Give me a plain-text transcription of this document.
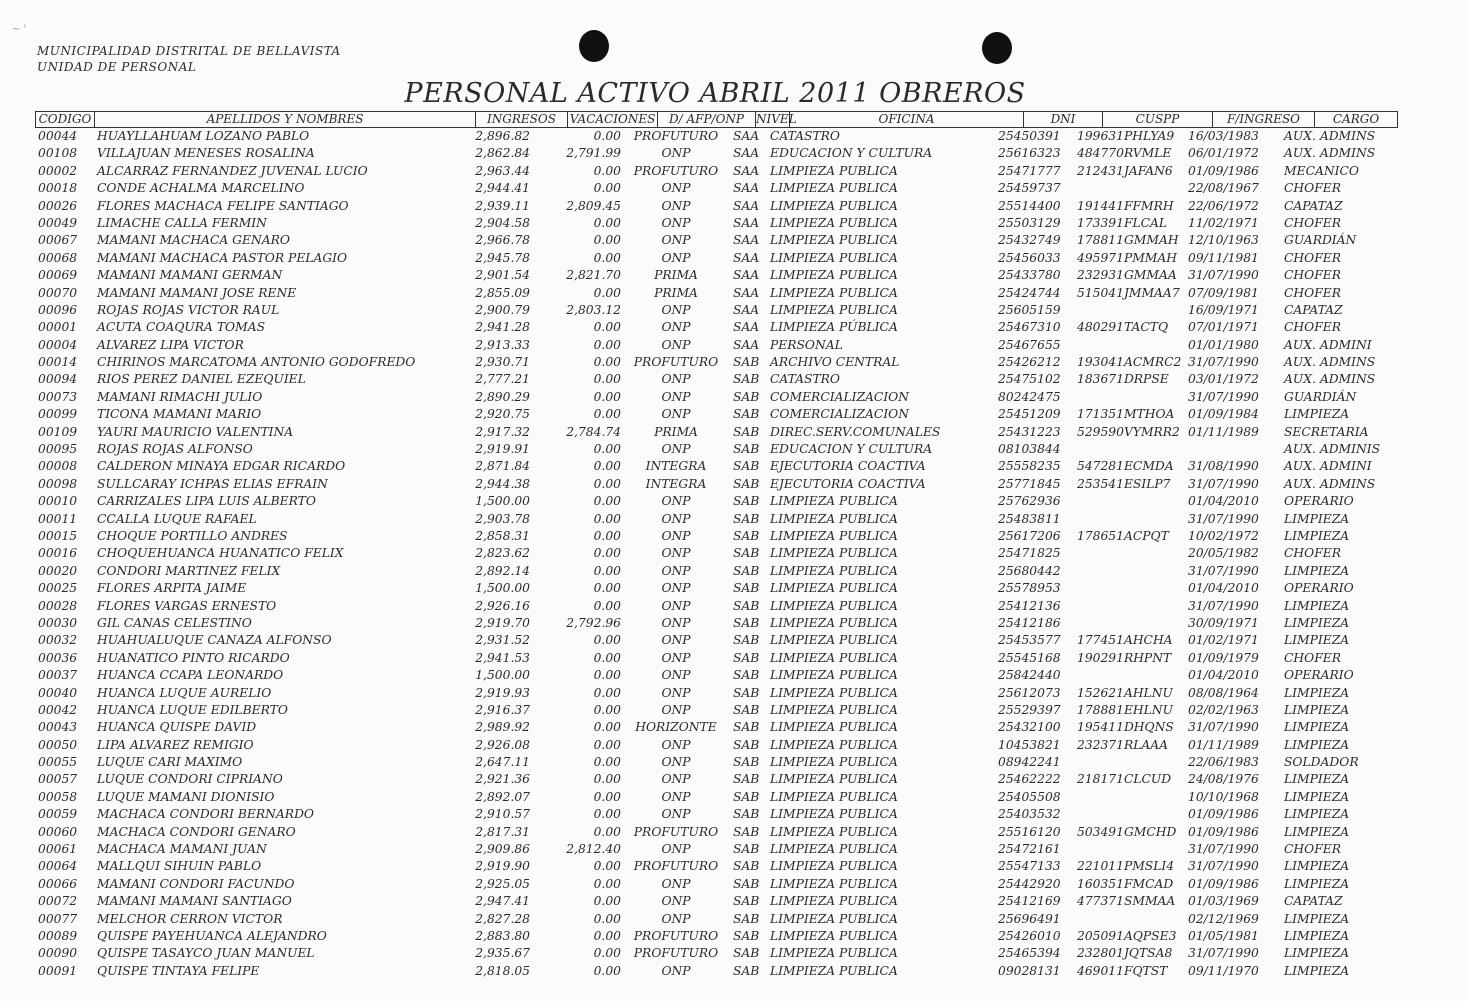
~ '
MUNICIPALIDAD DISTRITAL DE BELLAVISTA
UNIDAD DE PERSONAL
PERSONAL ACTIVO ABRIL 2011 OBREROS
CODIGO	APELLIDOS Y NOMBRES	INGRESOS	VACACIONES	D/ AFP/ONP	NIVEL	OFICINA	DNI	CUSPP	F/INGRESO	CARGO
00044 HUAYLLAHUAM LOZANO PABLO	2,896.82	0.00	PROFUTURO	SAA CATASTRO	25450391 199631PHLYA9	16/03/1983 AUX. ADMINS
00108 VILLAJUAN MENESES ROSALINA	2,862.84	2,791.99	ONP	SAA EDUCACION Y CULTURA	25616323 484770RVMLE	06/01/1972 AUX. ADMINS
00002 ALCARRAZ FERNANDEZ JUVENAL LUCIO	2,963.44	0.00	PROFUTURO	SAA LIMPIEZA PUBLICA	25471777 212431JAFAN6	01/09/1986 MECANICO
00018 CONDE ACHALMA MARCELINO	2,944.41	0.00	ONP	SAA LIMPIEZA PUBLICA	25459737	22/08/1967 CHOFER
00026 FLORES MACHACA FELIPE SANTIAGO	2,939.11	2,809.45	ONP	SAA LIMPIEZA PUBLICA	25514400 191441FFMRH	22/06/1972 CAPATAZ
00049 LIMACHE CALLA FERMIN	2,904.58	0.00	ONP	SAA LIMPIEZA PUBLICA	25503129 173391FLCAL	11/02/1971 CHOFER
00067 MAMANI MACHACA GENARO	2,966.78	0.00	ONP	SAA LIMPIEZA PUBLICA	25432749 178811GMMAH 12/10/1963 GUARDIÁN
00068 MAMANI MACHACA PASTOR PELAGIO	2,945.78	0.00	ONP	SAA LIMPIEZA PUBLICA	25456033 495971PMMAH 09/11/1981 CHOFER
00069 MAMANI MAMANI GERMAN	2,901.54	2,821.70	PRIMA	SAA LIMPIEZA PUBLICA	25433780 232931GMMAA 31/07/1990 CHOFER
00070 MAMANI MAMANI JOSE RENE	2,855.09	0.00	PRIMA	SAA LIMPIEZA PUBLICA	25424744 515041JMMAA7 07/09/1981 CHOFER
00096 ROJAS ROJAS VICTOR RAUL	2,900.79	2,803.12	ONP	SAA LIMPIEZA PUBLICA	25605159	16/09/1971 CAPATAZ
00001 ACUTA COAQURA TOMAS	2,941.28	0.00	ONP	SAA LIMPIEZA PÚBLICA	25467310 480291TACTQ	07/01/1971 CHOFER
00004 ALVAREZ LIPA VICTOR	2,913.33	0.00	ONP	SAA PERSONAL	25467655	01/01/1980 AUX. ADMINI
00014 CHIRINOS MARCATOMA ANTONIO GODOFREDO	2,930.71	0.00	PROFUTURO	SAB ARCHIVO CENTRAL	25426212 193041ACMRC2 31/07/1990 AUX. ADMINS
00094 RIOS PEREZ DANIEL EZEQUIEL	2,777.21	0.00	ONP	SAB CATASTRO	25475102 183671DRPSE	03/01/1972 AUX. ADMINS
00073 MAMANI RIMACHI JULIO	2,890.29	0.00	ONP	SAB COMERCIALIZACION	80242475	31/07/1990 GUARDIÁN
00099 TICONA MAMANI MARIO	2,920.75	0.00	ONP	SAB COMERCIALIZACION	25451209 171351MTHOA	01/09/1984 LIMPIEZA
00109 YAURI MAURICIO VALENTINA	2,917.32	2,784.74	PRIMA	SAB DIREC.SERV.COMUNALES	25431223 529590VYMRR2 01/11/1989 SECRETARIA
00095 ROJAS ROJAS ALFONSO	2,919.91	0.00	ONP	SAB EDUCACION Y CULTURA	08103844	AUX. ADMINIS
00008 CALDERON MINAYA EDGAR RICARDO	2,871.84	0.00	INTEGRA	SAB EJECUTORIA COACTIVA	25558235 547281ECMDA	31/08/1990 AUX. ADMINI
00098 SULLCARAY ICHPAS ELIAS EFRAIN	2,944.38	0.00	INTEGRA	SAB EJECUTORIA COACTIVA	25771845 253541ESILP7	31/07/1990 AUX. ADMINS
00010 CARRIZALES LIPA LUIS ALBERTO	1,500.00	0.00	ONP	SAB LIMPIEZA PUBLICA	25762936	01/04/2010 OPERARIO
00011 CCALLA LUQUE RAFAEL	2,903.78	0.00	ONP	SAB LIMPIEZA PUBLICA	25483811	31/07/1990 LIMPIEZA
00015 CHOQUE PORTILLO ANDRES	2,858.31	0.00	ONP	SAB LIMPIEZA PUBLICA	25617206 178651ACPQT	10/02/1972 LIMPIEZA
00016 CHOQUEHUANCA HUANATICO FELIX	2,823.62	0.00	ONP	SAB LIMPIEZA PUBLICA	25471825	20/05/1982 CHOFER
00020 CONDORI MARTINEZ FELIX	2,892.14	0.00	ONP	SAB LIMPIEZA PUBLICA	25680442	31/07/1990 LIMPIEZA
00025 FLORES ARPITA JAIME	1,500.00	0.00	ONP	SAB LIMPIEZA PUBLICA	25578953	01/04/2010 OPERARIO
00028 FLORES VARGAS ERNESTO	2,926.16	0.00	ONP	SAB LIMPIEZA PUBLICA	25412136	31/07/1990 LIMPIEZA
00030 GIL CANAS CELESTINO	2,919.70	2,792.96	ONP	SAB LIMPIEZA PUBLICA	25412186	30/09/1971 LIMPIEZA
00032 HUAHUALUQUE CANAZA ALFONSO	2,931.52	0.00	ONP	SAB LIMPIEZA PUBLICA	25453577 177451AHCHA	01/02/1971 LIMPIEZA
00036 HUANATICO PINTO RICARDO	2,941.53	0.00	ONP	SAB LIMPIEZA PUBLICA	25545168 190291RHPNT	01/09/1979 CHOFER
00037 HUANCA CCAPA LEONARDO	1,500.00	0.00	ONP	SAB LIMPIEZA PUBLICA	25842440	01/04/2010 OPERARIO
00040 HUANCA LUQUE AURELIO	2,919.93	0.00	ONP	SAB LIMPIEZA PUBLICA	25612073 152621AHLNU	08/08/1964 LIMPIEZA
00042 HUANCA LUQUE EDILBERTO	2,916.37	0.00	ONP	SAB LIMPIEZA PUBLICA	25529397 178881EHLNU	02/02/1963 LIMPIEZA
00043 HUANCA QUISPE DAVID	2,989.92	0.00	HORIZONTE	SAB LIMPIEZA PUBLICA	25432100 195411DHQNS	31/07/1990 LIMPIEZA
00050 LIPA ALVAREZ REMIGIO	2,926.08	0.00	ONP	SAB LIMPIEZA PUBLICA	10453821 232371RLAAA	01/11/1989 LIMPIEZA
00055 LUQUE CARI MAXIMO	2,647.11	0.00	ONP	SAB LIMPIEZA PUBLICA	08942241	22/06/1983 SOLDADOR
00057 LUQUE CONDORI CIPRIANO	2,921.36	0.00	ONP	SAB LIMPIEZA PUBLICA	25462222 218171CLCUD	24/08/1976 LIMPIEZA
00058 LUQUE MAMANI DIONISIO	2,892.07	0.00	ONP	SAB LIMPIEZA PUBLICA	25405508	10/10/1968 LIMPIEZA
00059 MACHACA CONDORI BERNARDO	2,910.57	0.00	ONP	SAB LIMPIEZA PUBLICA	25403532	01/09/1986 LIMPIEZA
00060 MACHACA CONDORI GENARO	2,817.31	0.00	PROFUTURO	SAB LIMPIEZA PUBLICA	25516120 503491GMCHD 01/09/1986 LIMPIEZA
00061 MACHACA MAMANI JUAN	2,909.86	2,812.40	ONP	SAB LIMPIEZA PUBLICA	25472161	31/07/1990 CHOFER
00064 MALLQUI SIHUIN PABLO	2,919.90	0.00	PROFUTURO	SAB LIMPIEZA PUBLICA	25547133 221011PMSLI4	31/07/1990 LIMPIEZA
00066 MAMANI CONDORI FACUNDO	2,925.05	0.00	ONP	SAB LIMPIEZA PUBLICA	25442920 160351FMCAD	01/09/1986 LIMPIEZA
00072 MAMANI MAMANI SANTIAGO	2,947.41	0.00	ONP	SAB LIMPIEZA PUBLICA	25412169 477371SMMAA	01/03/1969 CAPATAZ
00077 MELCHOR CERRON VICTOR	2,827.28	0.00	ONP	SAB LIMPIEZA PUBLICA	25696491	02/12/1969 LIMPIEZA
00089 QUISPE PAYEHUANCA ALEJANDRO	2,883.80	0.00	PROFUTURO	SAB LIMPIEZA PUBLICA	25426010 205091AQPSE3 01/05/1981 LIMPIEZA
00090 QUISPE TASAYCO JUAN MANUEL	2,935.67	0.00	PROFUTURO	SAB LIMPIEZA PUBLICA	25465394 232801JQTSA8	31/07/1990 LIMPIEZA
00091 QUISPE TINTAYA FELIPE	2,818.05	0.00	ONP	SAB LIMPIEZA PUBLICA	09028131 469011FQTST	09/11/1970 LIMPIEZA
